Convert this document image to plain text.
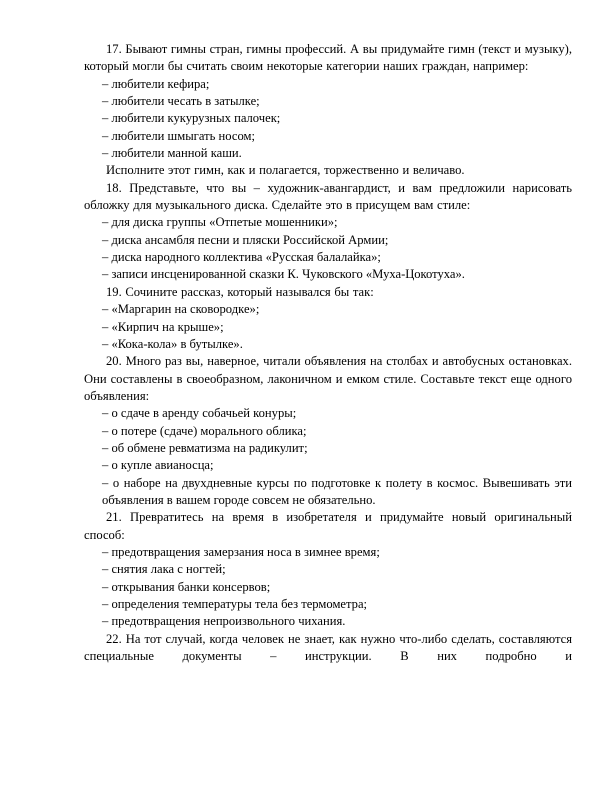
17. Бывают гимны стран, гимны профессий. А вы придумайте гимн (текст и музыку), который могли бы считать своим некоторые категории наших граждан, например:

– любители кефира;

– любители чесать в затылке;

– любители кукурузных палочек;

– любители шмыгать носом;

– любители манной каши.

Исполните этот гимн, как и полагается, торжественно и величаво.

18. Представьте, что вы – художник-авангардист, и вам предложили нарисовать обложку для музыкального диска. Сделайте это в присущем вам стиле:

– для диска группы «Отпетые мошенники»;

– диска ансамбля песни и пляски Российской Армии;

– диска народного коллектива «Русская балалайка»;

– записи инсценированной сказки К. Чуковского «Муха-Цокотуха».

19. Сочините рассказ, который назывался бы так:

– «Маргарин на сковородке»;

– «Кирпич на крыше»;

– «Кока-кола» в бутылке».

20. Много раз вы, наверное, читали объявления на столбах и автобусных остановках. Они составлены в своеобразном, лаконичном и емком стиле. Составьте текст еще одного объявления:

– о сдаче в аренду собачьей конуры;

– о потере (сдаче) морального облика;

– об обмене ревматизма на радикулит;

– о купле авианосца;

– о наборе на двухдневные курсы по подготовке к полету в космос. Вывешивать эти объявления в вашем городе совсем не обязательно.

21. Превратитесь на время в изобретателя и придумайте новый оригинальный способ:

– предотвращения замерзания носа в зимнее время;

– снятия лака с ногтей;

– открывания банки консервов;

– определения температуры тела без термометра;

– предотвращения непроизвольного чихания.

22. На тот случай, когда человек не знает, как нужно что-либо сделать, составляются специальные документы – инструкции. В них подробно и
